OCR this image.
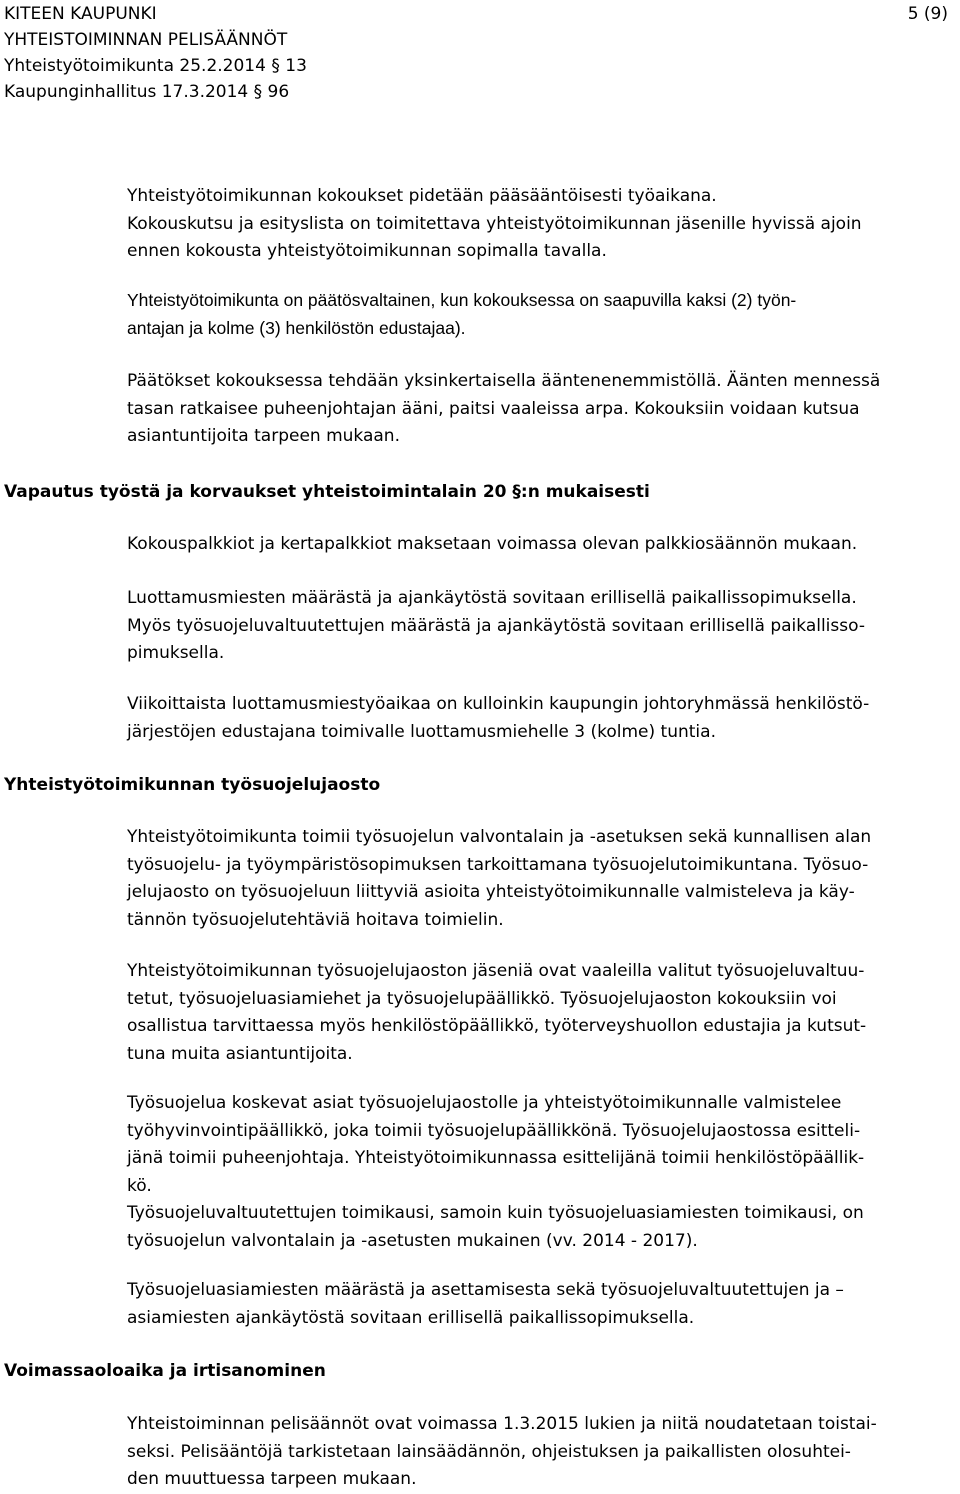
KITEEN KAUPUNKI
YHTEISTOIMINNAN PELISÄÄNNÖT
Yhteistyötoimikunta 25.2.2014 § 13
Kaupunginhallitus 17.3.2014 § 96
5 (9)
Yhteistyötoimikunnan kokoukset pidetään pääsääntöisesti työaikana.
Kokouskutsu ja esityslista on toimitettava yhteistyötoimikunnan jäsenille hyvissä ajoin
ennen kokousta yhteistyötoimikunnan sopimalla tavalla.
Yhteistyötoimikunta on päätösvaltainen, kun kokouksessa on saapuvilla kaksi (2) työn-
antajan ja kolme (3) henkilöstön edustajaa).
Päätökset kokouksessa tehdään yksinkertaisella ääntenenemmistöllä. Äänten mennessä
tasan ratkaisee puheenjohtajan ääni, paitsi vaaleissa arpa. Kokouksiin voidaan kutsua
asiantuntijoita tarpeen mukaan.
Vapautus työstä ja korvaukset yhteistoimintalain 20 §:n mukaisesti
Kokouspalkkiot ja kertapalkkiot maksetaan voimassa olevan palkkiosäännön mukaan.
Luottamusmiesten määrästä ja ajankäytöstä sovitaan erillisellä paikallissopimuksella.
Myös työsuojeluvaltuutettujen määrästä ja ajankäytöstä sovitaan erillisellä paikallisso-
pimuksella.
Viikoittaista luottamusmiestyöaikaa on kulloinkin kaupungin johtoryhmässä henkilöstö-
järjestöjen edustajana toimivalle luottamusmiehelle 3 (kolme) tuntia.
Yhteistyötoimikunnan työsuojelujaosto
Yhteistyötoimikunta toimii työsuojelun valvontalain ja -asetuksen sekä kunnallisen alan
työsuojelu- ja työympäristösopimuksen tarkoittamana työsuojelutoimikuntana. Työsuo-
jelujaosto on työsuojeluun liittyviä asioita yhteistyötoimikunnalle valmisteleva ja käy-
tännön työsuojelutehtäviä hoitava toimielin.
Yhteistyötoimikunnan työsuojelujaoston jäseniä ovat vaaleilla valitut työsuojeluvaltuu-
tetut, työsuojeluasiamiehet ja työsuojelupäällikkö. Työsuojelujaoston kokouksiin voi
osallistua tarvittaessa myös henkilöstöpäällikkö, työterveyshuollon edustajia ja kutsut-
tuna muita asiantuntijoita.
Työsuojelua koskevat asiat työsuojelujaostolle ja yhteistyötoimikunnalle valmistelee
työhyvinvointipäällikkö, joka toimii työsuojelupäällikkönä. Työsuojelujaostossa esitteli-
jänä toimii puheenjohtaja. Yhteistyötoimikunnassa esittelijänä toimii henkilöstöpäällik-
kö.
Työsuojeluvaltuutettujen toimikausi, samoin kuin työsuojeluasiamiesten toimikausi, on
työsuojelun valvontalain ja -asetusten mukainen (vv. 2014 - 2017).
Työsuojeluasiamiesten määrästä ja asettamisesta sekä työsuojeluvaltuutettujen ja –
asiamiesten ajankäytöstä sovitaan erillisellä paikallissopimuksella.
Voimassaoloaika ja irtisanominen
Yhteistoiminnan pelisäännöt ovat voimassa 1.3.2015 lukien ja niitä noudatetaan toistai-
seksi. Pelisääntöjä tarkistetaan lainsäädännön, ohjeistuksen ja paikallisten olosuhtei-
den muuttuessa tarpeen mukaan.
